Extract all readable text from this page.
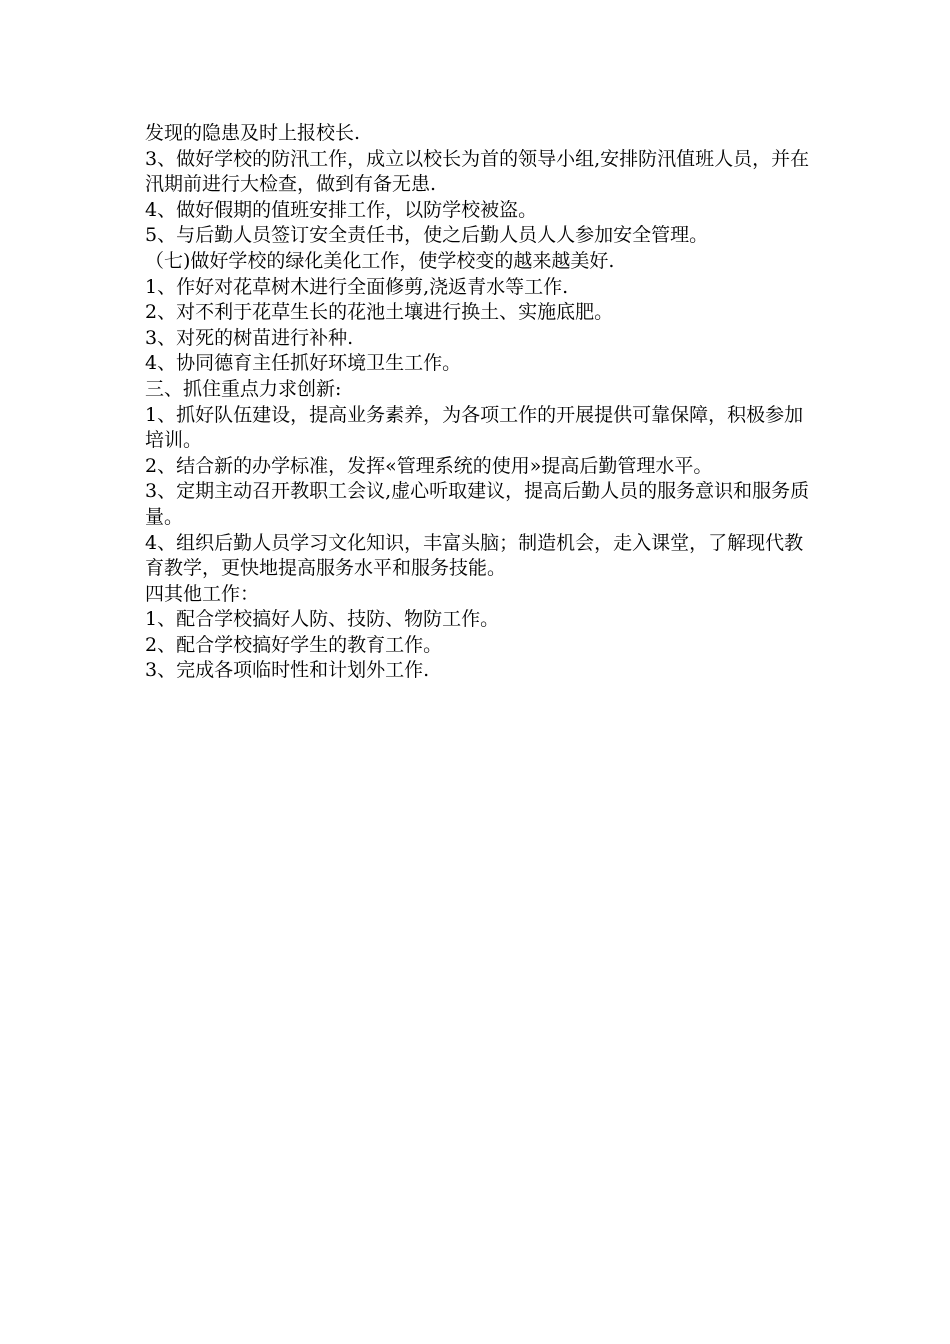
发现的隐患及时上报校长.
3、做好学校的防汛工作，成立以校长为首的领导小组,安排防汛值班人员，并在汛期前进行大检查，做到有备无患.
4、做好假期的值班安排工作，以防学校被盗。
5、与后勤人员签订安全责任书，使之后勤人员人人参加安全管理。
（七)做好学校的绿化美化工作，使学校变的越来越美好.
1、作好对花草树木进行全面修剪,浇返青水等工作.
2、对不利于花草生长的花池土壤进行换土、实施底肥。
3、对死的树苗进行补种.
4、协同德育主任抓好环境卫生工作。
三、抓住重点力求创新:
1、抓好队伍建设，提高业务素养，为各项工作的开展提供可靠保障，积极参加培训。
2、结合新的办学标准，发挥«管理系统的使用»提高后勤管理水平。
3、定期主动召开教职工会议,虚心听取建议，提高后勤人员的服务意识和服务质量。
4、组织后勤人员学习文化知识，丰富头脑；制造机会，走入课堂，了解现代教育教学，更快地提高服务水平和服务技能。
四其他工作：
1、配合学校搞好人防、技防、物防工作。
2、配合学校搞好学生的教育工作。
3、完成各项临时性和计划外工作.
